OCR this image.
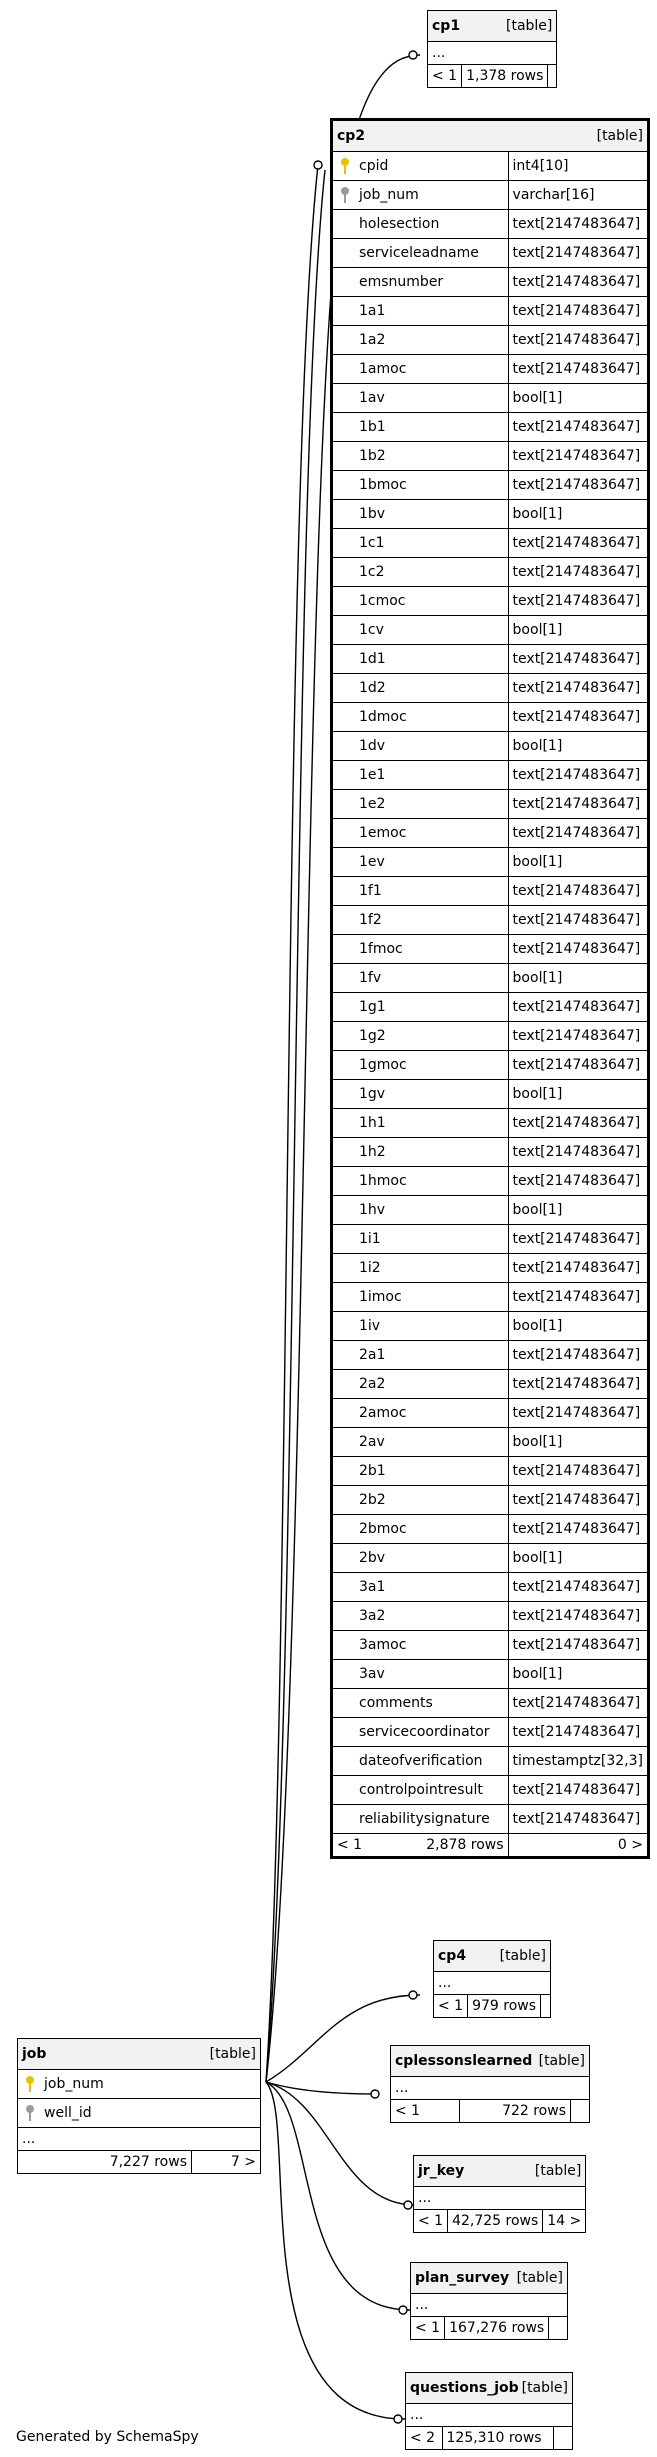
cp1	[table]

...
< 1	1,378 rows	
cp2 [table]	

cpid	int4[10]

job_num	varchar[16]
holesection	text[2147483647]
serviceleadname	text[2147483647]
emsnumber	text[2147483647]
1a1	text[2147483647]
1a2	text[2147483647]
1amoc	text[2147483647]
1av	bool[1]
1b1	text[2147483647]
1b2	text[2147483647]
1bmoc	text[2147483647]
1bv	bool[1]
1c1	text[2147483647]
1c2	text[2147483647]
1cmoc	text[2147483647]
1cv	bool[1]
1d1	text[2147483647]
1d2	text[2147483647]
1dmoc	text[2147483647]
1dv	bool[1]
1e1	text[2147483647]
1e2	text[2147483647]
1emoc	text[2147483647]
1ev	bool[1]
1f1	text[2147483647]
1f2	text[2147483647]
1fmoc	text[2147483647]
1fv	bool[1]
1g1	text[2147483647]
1g2	text[2147483647]
1gmoc	text[2147483647]
1gv	bool[1]
1h1	text[2147483647]
1h2	text[2147483647]
1hmoc	text[2147483647]
1hv	bool[1]
1i1	text[2147483647]
1i2	text[2147483647]
1imoc	text[2147483647]
1iv	bool[1]
2a1	text[2147483647]
2a2	text[2147483647]
2amoc	text[2147483647]
2av	bool[1]
2b1	text[2147483647]
2b2	text[2147483647]
2bmoc	text[2147483647]
2bv	bool[1]
3a1	text[2147483647]
3a2	text[2147483647]
3amoc	text[2147483647]
3av	bool[1]
comments	text[2147483647]
servicecoordinator	text[2147483647]
dateofverification	timestamptz[32,3]
controlpointresult	text[2147483647]
reliabilitysignature	text[2147483647]
< 1 2,878 rows	0 >
cp4 [table]

...
< 1	979 rows	
cplessonslearned [table]

...
< 1	722 rows	
jr_key	[table]

...
< 1	42,725 rows	14 >
plan_survey [table]

...
< 1	167,276 rows	
questions_job [table]

...
< 2	125,310 rows	
job	[table]

job_num

well_id
...
7,227 rows	7 >
Generated by SchemaSpy
